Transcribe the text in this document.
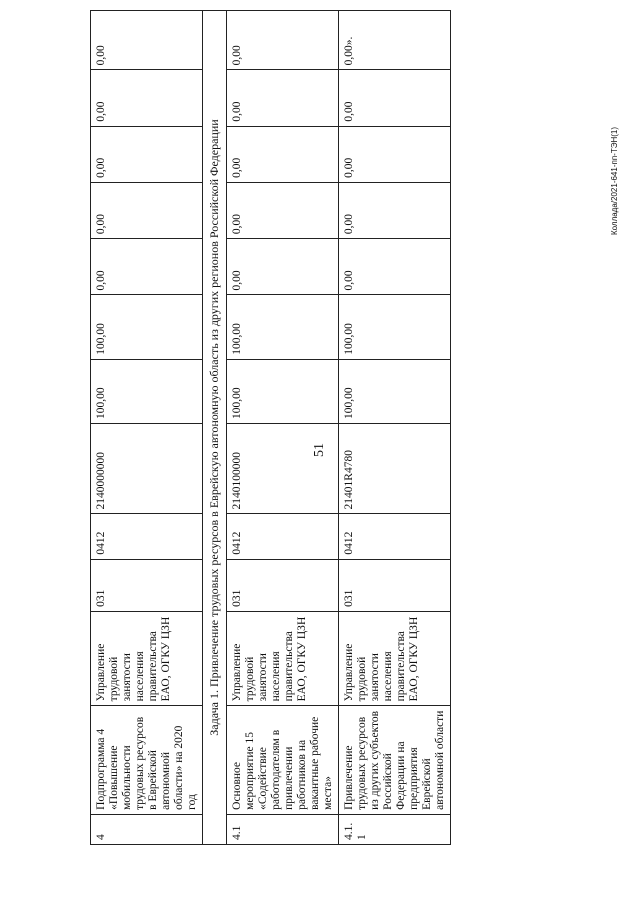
51
Коллада/2021-641-пп-ТЭН(1)
4	Подпрограмма 4 «Повышение мобильности трудовых ресурсов в Еврейской автономной области» на 2020 год	Управление трудовой занятости населения правительства ЕАО, ОГКУ ЦЗН	031	0412	2140000000	100,00	100,00	0,00	0,00	0,00	0,00	0,00
Задача 1. Привлечение трудовых ресурсов в Еврейскую автономную область из других регионов Российской Федерации												
4.1	Основное мероприятие 15 «Содействие работодателям в привлечении работников на вакантные рабочие места»	Управление трудовой занятости населения правительства ЕАО, ОГКУ ЦЗН	031	0412	2140100000	100,00	100,00	0,00	0,00	0,00	0,00	0,00
4.1.1	Привлечение трудовых ресурсов из других субъектов Российской Федерации на предприятия Еврейской автономной области	Управление трудовой занятости населения правительства ЕАО, ОГКУ ЦЗН	031	0412	21401R4780	100,00	100,00	0,00	0,00	0,00	0,00	0,00».
